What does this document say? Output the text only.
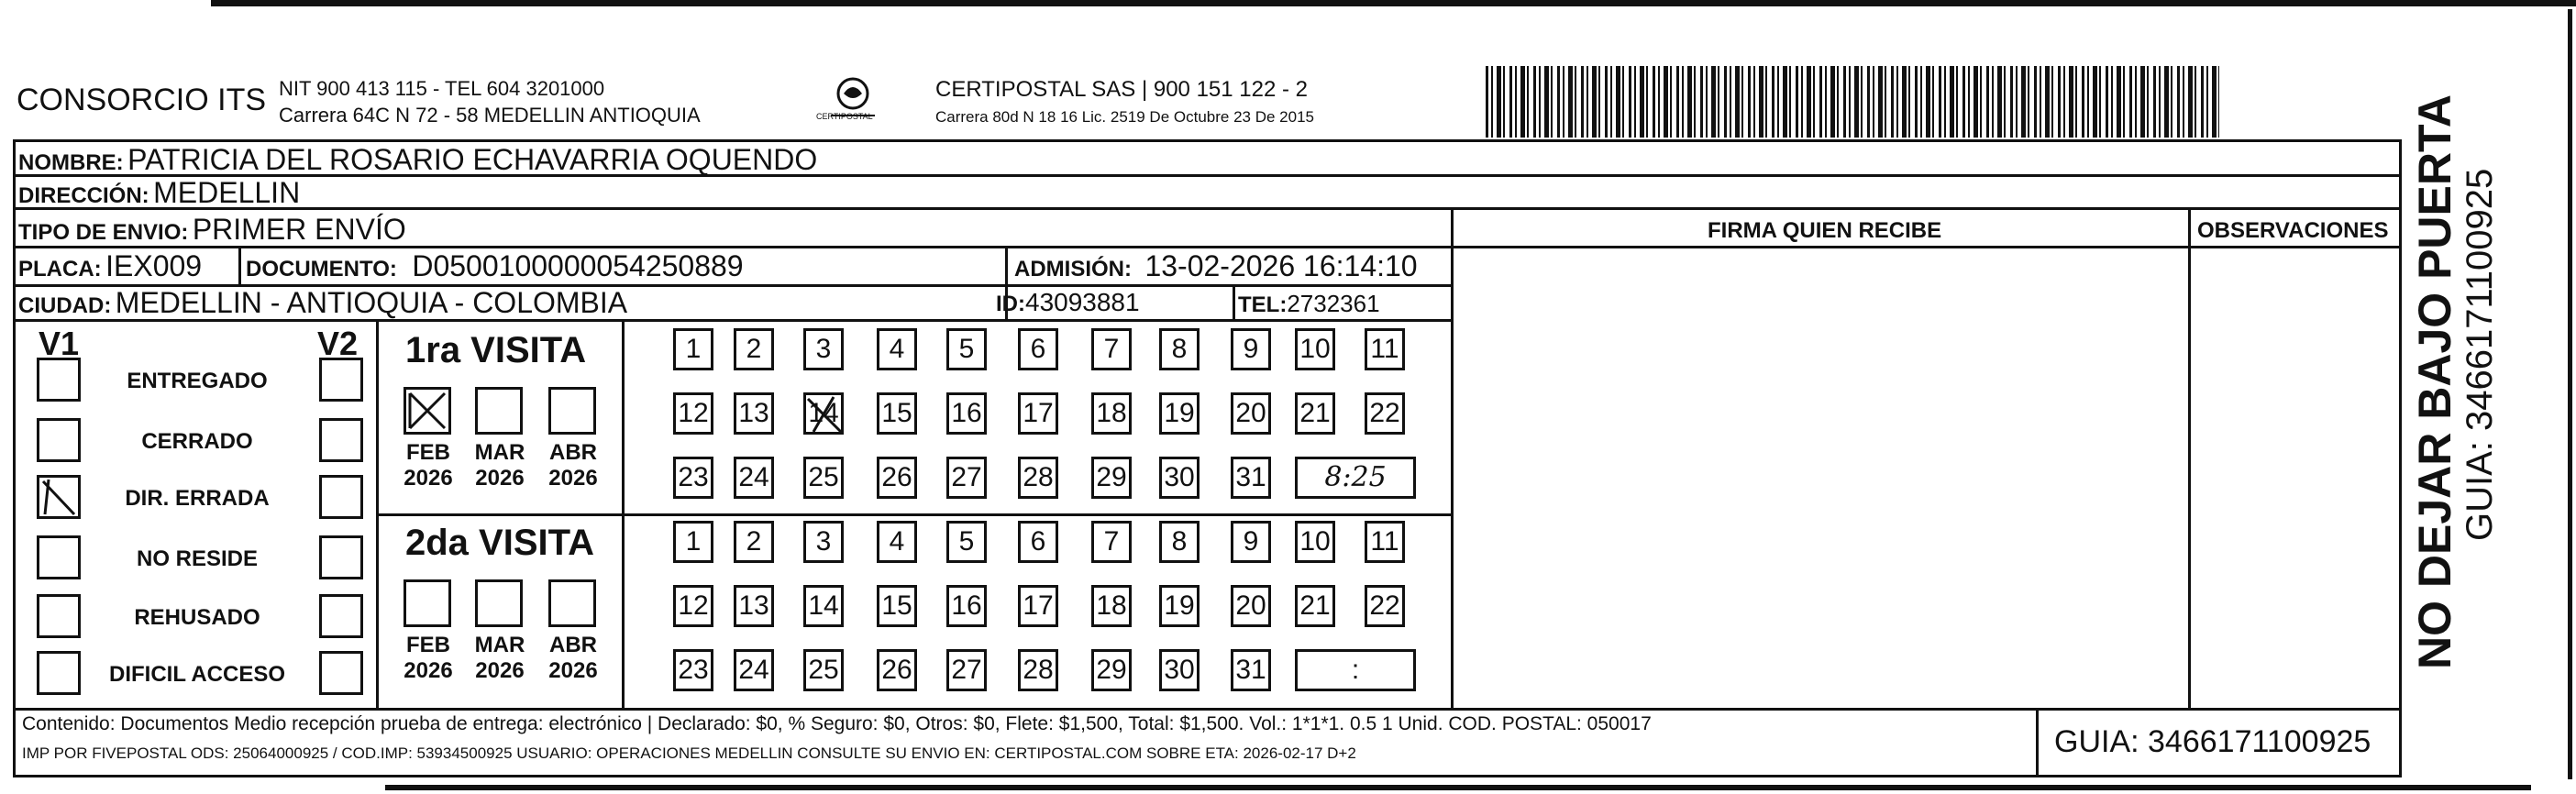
CONSORCIO ITS NIT 900 413 115 - TEL 604 3201000
Carrera 64C N 72 - 58 MEDELLIN ANTIOQUIA	CERTIPOSTAL
CERTIPOSTAL SAS | 900 151 122 - 2
Carrera 80d N 18 16 Lic. 2519 De Octubre 23 De 2015
NOMBRE: PATRICIA DEL ROSARIO ECHAVARRIA OQUENDO
DIRECCIÓN: MEDELLIN
TIPO DE ENVIO: PRIMER ENVÍO
PLACA: IEX009 DOCUMENTO: D0500100000054250889	ADMISIÓN: 13-02-2026 16:14:10
CIUDAD: MEDELLIN - ANTIOQUIA - COLOMBIA	ID:43093881	TEL:2732361
FIRMA QUIEN RECIBE	OBSERVACIONES
V1	V2
ENTREGADO
CERRADO
DIR. ERRADA
NO RESIDE
REHUSADO
DIFICIL ACCESO
1ra VISITA
2da VISITA
FEB
2026
MAR
2026
ABR
2026
1	2	3	4	5	6	7	8	9	10 11
12 13 14 15 16 17 18 19 20 21 22
23 24 25 26 27 28 29 30 31	8:25
FEB
2026
MAR
2026
ABR
2026
1	2	3	4	5	6	7	8	9	10 11
12 13 14 15 16 17 18 19 20 21 22
23 24 25 26 27 28 29 30 31	:
Contenido: Documentos Medio recepción prueba de entrega: electrónico | Declarado: $0, % Seguro: $0, Otros: $0, Flete: $1,500, Total: $1,500. Vol.: 1*1*1. 0.5 1 Unid. COD. POSTAL: 050017
IMP POR FIVEPOSTAL ODS: 25064000925 / COD.IMP: 53934500925 USUARIO: OPERACIONES MEDELLIN CONSULTE SU ENVIO EN: CERTIPOSTAL.COM SOBRE ETA: 2026-02-17 D+2	GUIA: 3466171100925
NO DEJAR BAJO PUERTA GUIA: 3466171100925
